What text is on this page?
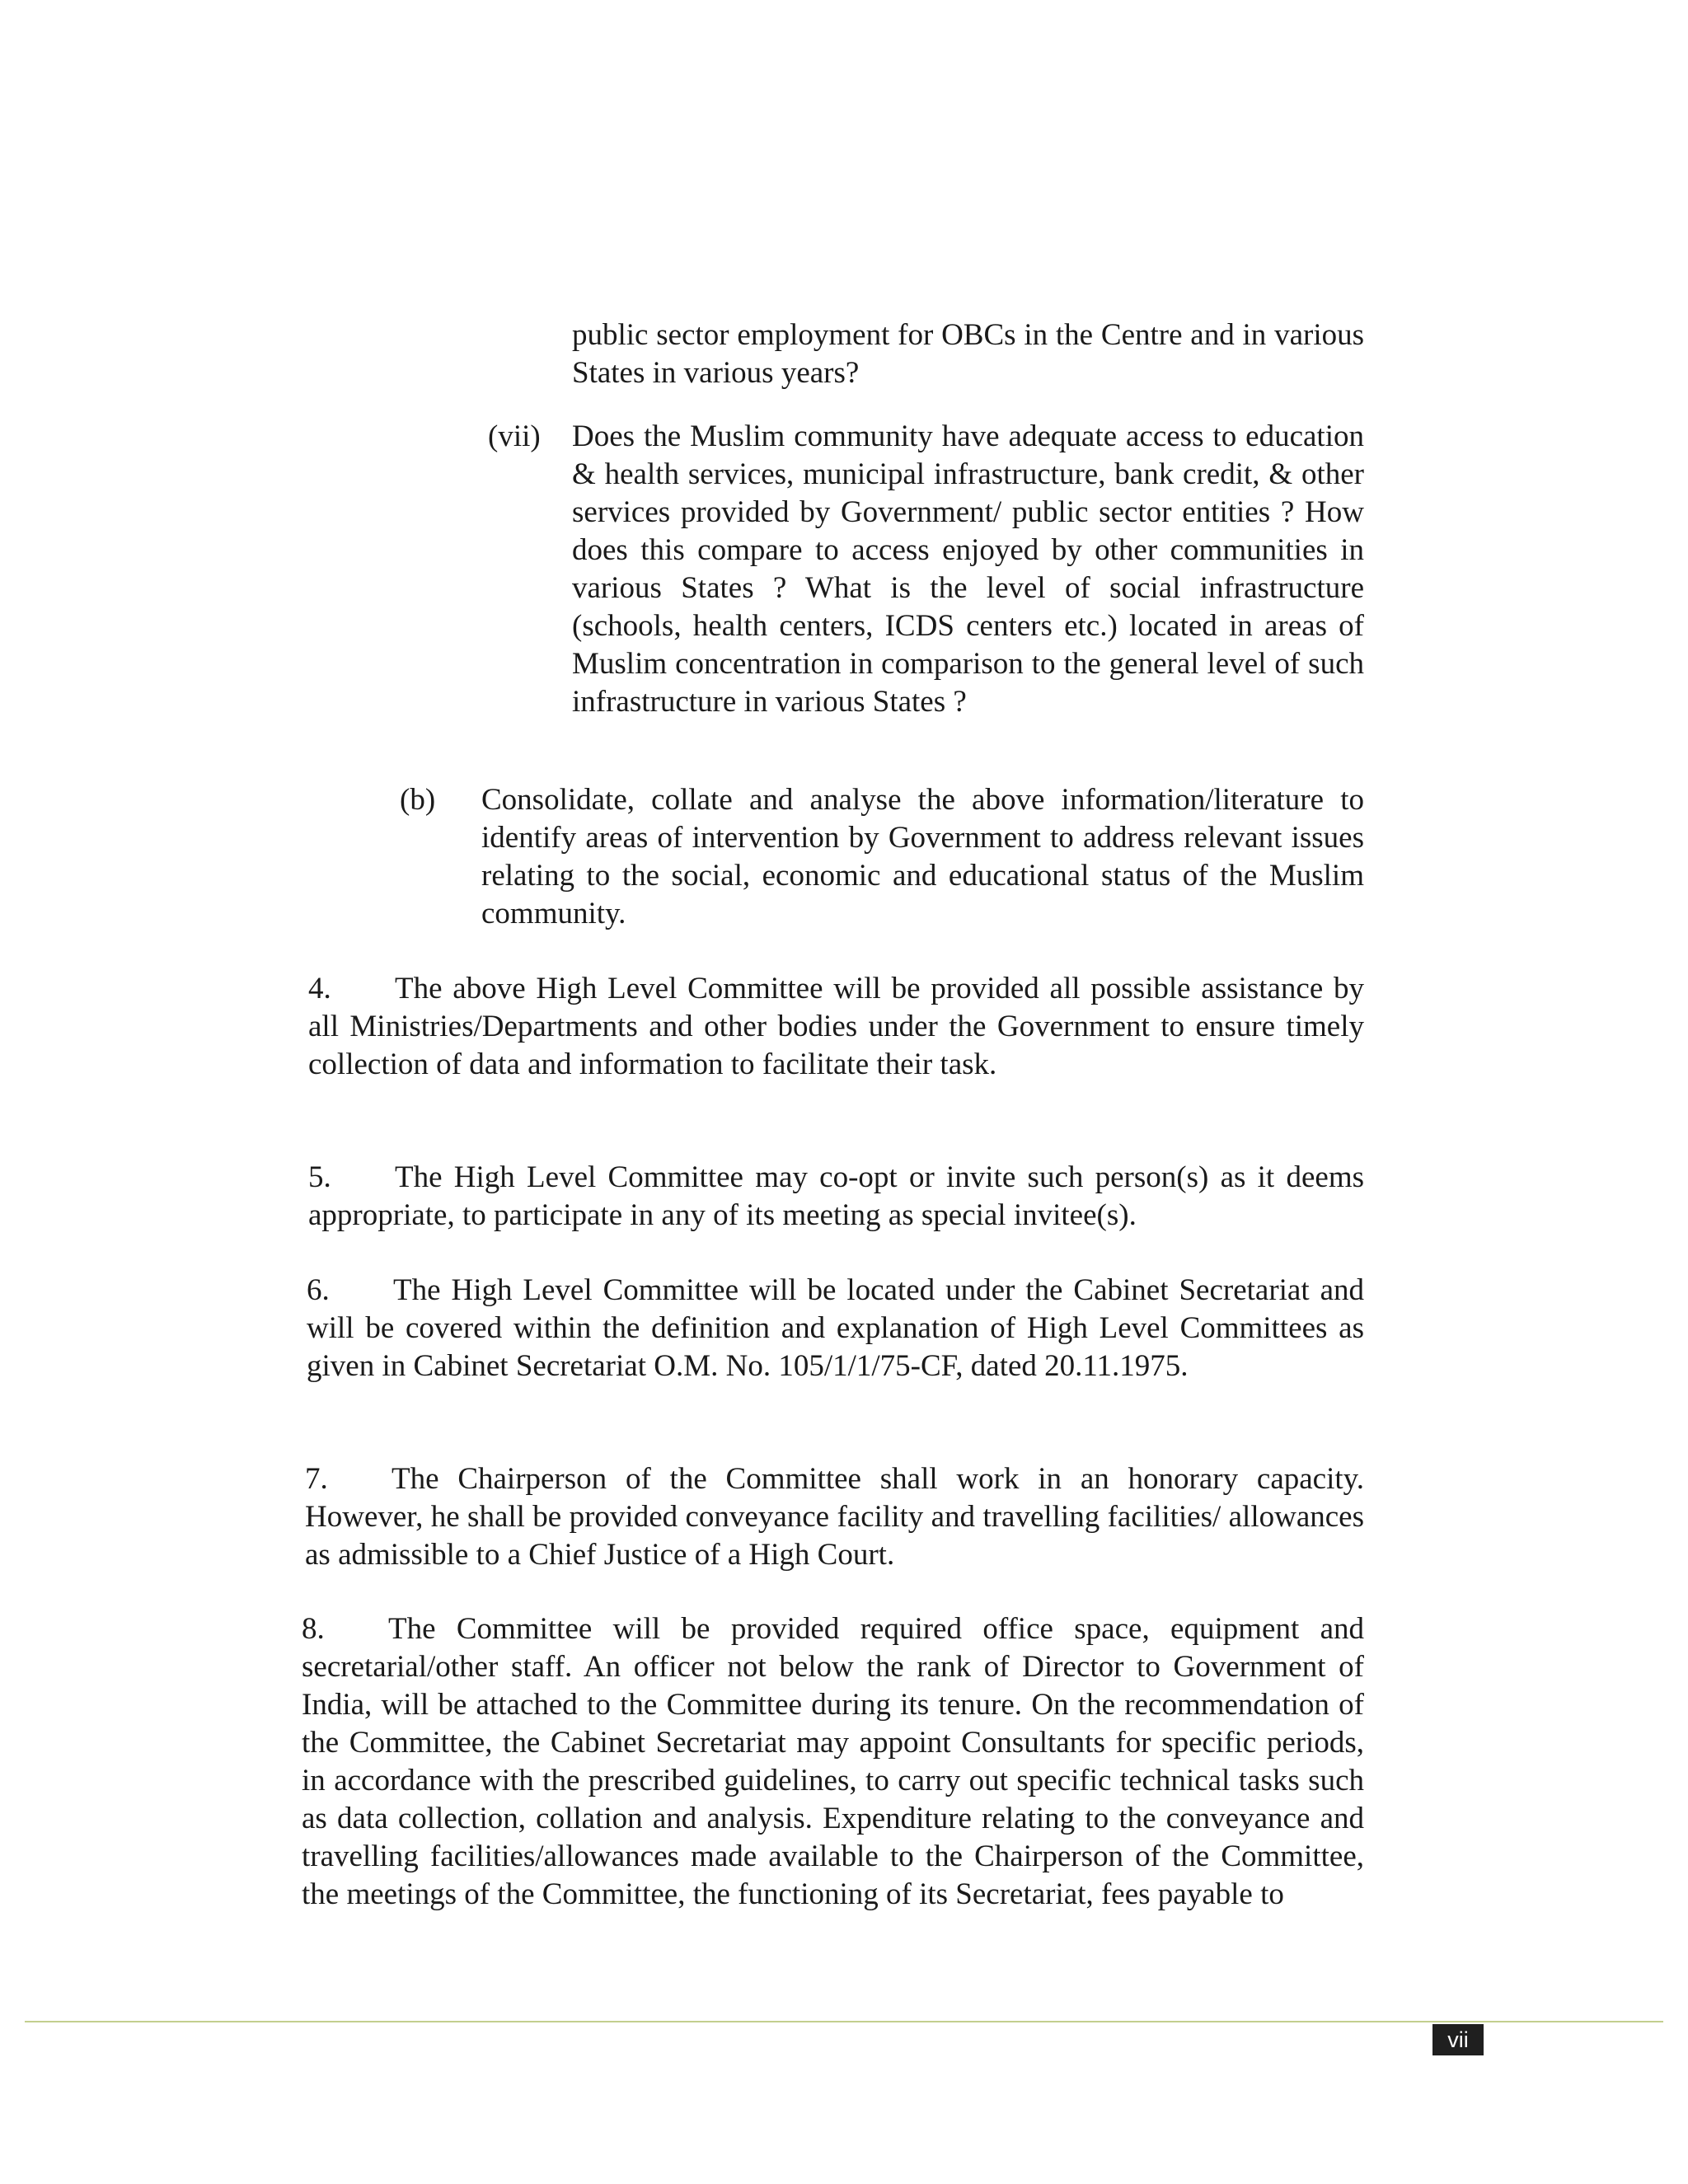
public sector employment for OBCs in the Centre and in various States in various years?

(vii) Does the Muslim community have adequate access to education & health services, municipal infrastructure, bank credit, & other services provided by Government/ public sector entities ? How does this compare to access enjoyed by other communities in various States ? What is the level of social infrastructure (schools, health centers, ICDS centers etc.) located in areas of Muslim concentration in comparison to the general level of such infrastructure in various States ?

(b) Consolidate, collate and analyse the above information/literature to identify areas of intervention by Government to address relevant issues relating to the social, economic and educational status of the Muslim community.

4. The above High Level Committee will be provided all possible assistance by all Ministries/Departments and other bodies under the Government to ensure timely collection of data and information to facilitate their task.

5. The High Level Committee may co-opt or invite such person(s) as it deems appropriate, to participate in any of its meeting as special invitee(s).

6. The High Level Committee will be located under the Cabinet Secretariat and will be covered within the definition and explanation of High Level Committees as given in Cabinet Secretariat O.M. No. 105/1/1/75-CF, dated 20.11.1975.

7. The Chairperson of the Committee shall work in an honorary capacity. However, he shall be provided conveyance facility and travelling facilities/ allowances as admissible to a Chief Justice of a High Court.

8. The Committee will be provided required office space, equipment and secretarial/other staff. An officer not below the rank of Director to Government of India, will be attached to the Committee during its tenure. On the recommendation of the Committee, the Cabinet Secretariat may appoint Consultants for specific periods, in accordance with the prescribed guidelines, to carry out specific technical tasks such as data collection, collation and analysis. Expenditure relating to the conveyance and travelling facilities/allowances made available to the Chairperson of the Committee, the meetings of the Committee, the functioning of its Secretariat, fees payable to

vii
